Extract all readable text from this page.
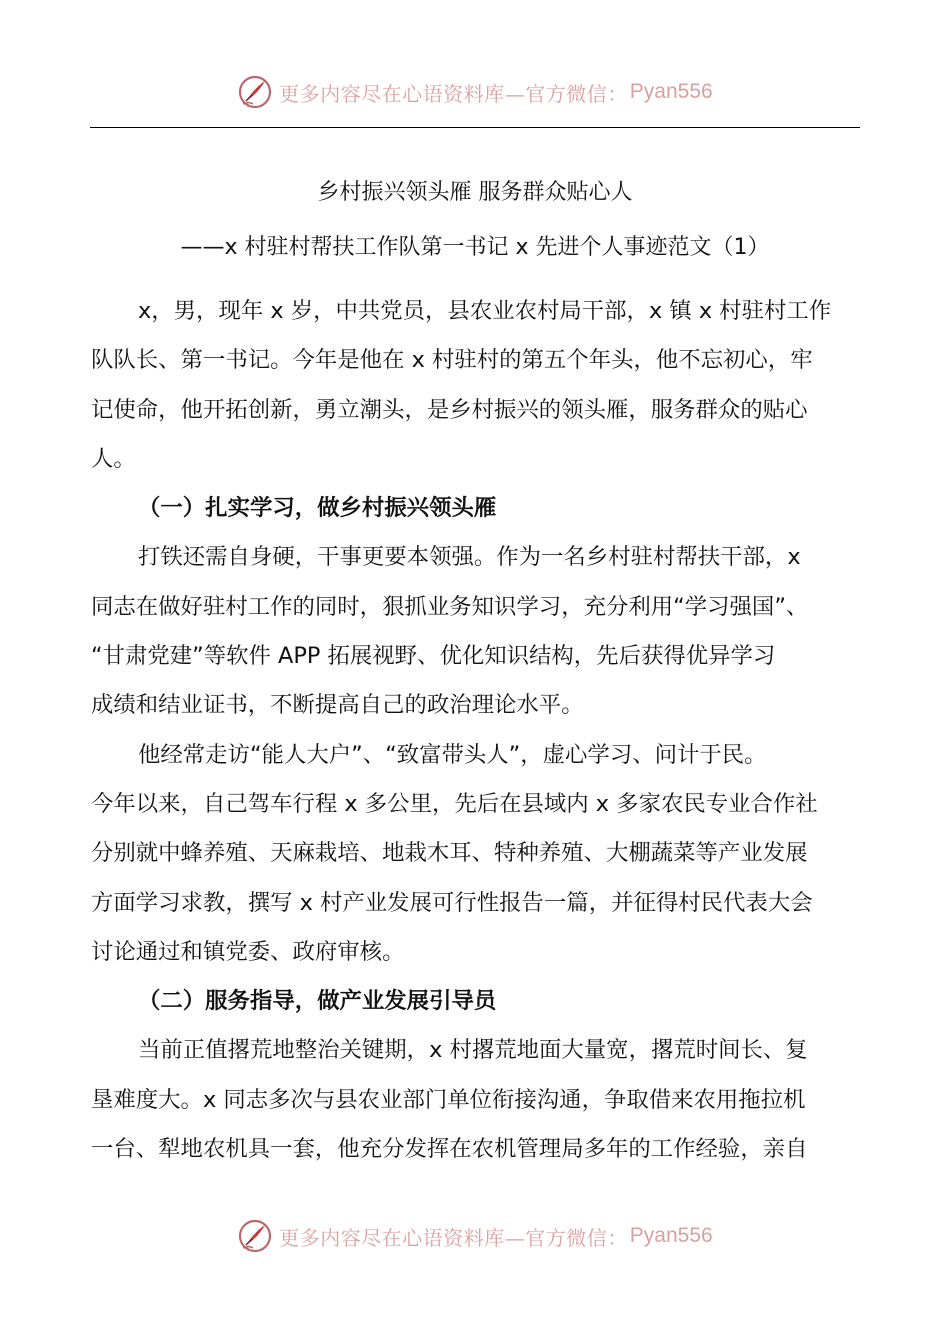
更多内容尽在心语资料库—官方微信： Pyan556
乡村振兴领头雁 服务群众贴心人
——x 村驻村帮扶工作队第一书记 x 先进个人事迹范文（1）
x，男，现年 x 岁，中共党员，县农业农村局干部，x 镇 x 村驻村工作
队队长、第一书记。今年是他在 x 村驻村的第五个年头，他不忘初心，牢
记使命，他开拓创新，勇立潮头，是乡村振兴的领头雁，服务群众的贴心
人。
（一）扎实学习，做乡村振兴领头雁
打铁还需自身硬，干事更要本领强。作为一名乡村驻村帮扶干部，x
同志在做好驻村工作的同时，狠抓业务知识学习，充分利用“学习强国”、
“甘肃党建”等软件 APP 拓展视野、优化知识结构，先后获得优异学习
成绩和结业证书，不断提高自己的政治理论水平。
他经常走访“能人大户”、“致富带头人”，虚心学习、问计于民。
今年以来，自己驾车行程 x 多公里，先后在县域内 x 多家农民专业合作社
分别就中蜂养殖、天麻栽培、地栽木耳、特种养殖、大棚蔬菜等产业发展
方面学习求教，撰写 x 村产业发展可行性报告一篇，并征得村民代表大会
讨论通过和镇党委、政府审核。
（二）服务指导，做产业发展引导员
当前正值撂荒地整治关键期，x 村撂荒地面大量宽，撂荒时间长、复
垦难度大。x 同志多次与县农业部门单位衔接沟通，争取借来农用拖拉机
一台、犁地农机具一套，他充分发挥在农机管理局多年的工作经验，亲自
更多内容尽在心语资料库—官方微信： Pyan556
